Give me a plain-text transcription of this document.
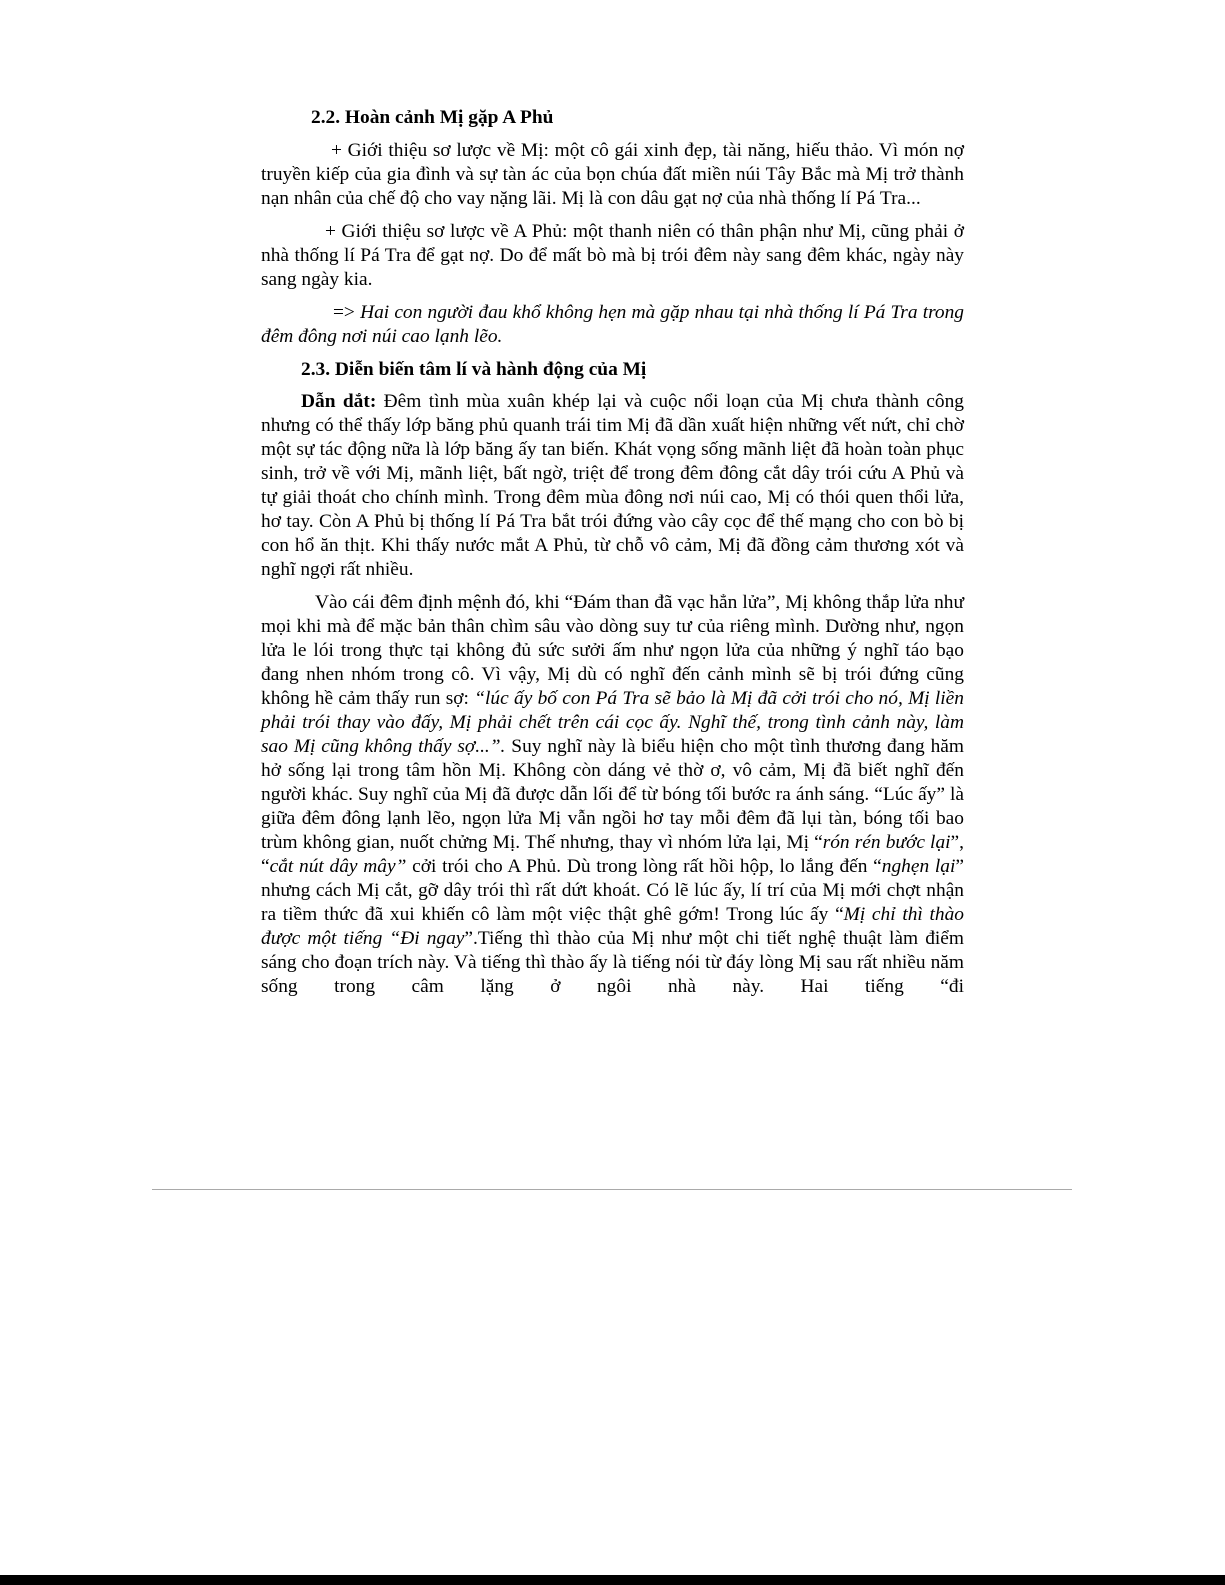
2.2. Hoàn cảnh Mị gặp A Phủ

+ Giới thiệu sơ lược về Mị: một cô gái xinh đẹp, tài năng, hiếu thảo. Vì món nợ truyền kiếp của gia đình và sự tàn ác của bọn chúa đất miền núi Tây Bắc mà Mị trở thành nạn nhân của chế độ cho vay nặng lãi. Mị là con dâu gạt nợ của nhà thống lí Pá Tra...

+ Giới thiệu sơ lược về A Phủ: một thanh niên có thân phận như Mị, cũng phải ở nhà thống lí Pá Tra để gạt nợ. Do để mất bò mà bị trói đêm này sang đêm khác, ngày này sang ngày kia.

=> Hai con người đau khổ không hẹn mà gặp nhau tại nhà thống lí Pá Tra trong đêm đông nơi núi cao lạnh lẽo.

2.3. Diễn biến tâm lí và hành động của Mị

Dẫn dắt: Đêm tình mùa xuân khép lại và cuộc nổi loạn của Mị chưa thành công nhưng có thể thấy lớp băng phủ quanh trái tim Mị đã dần xuất hiện những vết nứt, chỉ chờ một sự tác động nữa là lớp băng ấy tan biến. Khát vọng sống mãnh liệt đã hoàn toàn phục sinh, trở về với Mị, mãnh liệt, bất ngờ, triệt để trong đêm đông cắt dây trói cứu A Phủ và tự giải thoát cho chính mình. Trong đêm mùa đông nơi núi cao, Mị có thói quen thổi lửa, hơ tay. Còn A Phủ bị thống lí Pá Tra bắt trói đứng vào cây cọc để thế mạng cho con bò bị con hổ ăn thịt. Khi thấy nước mắt A Phủ, từ chỗ vô cảm, Mị đã đồng cảm thương xót và nghĩ ngợi rất nhiều.

Vào cái đêm định mệnh đó, khi “Đám than đã vạc hẳn lửa”, Mị không thắp lửa như mọi khi mà để mặc bản thân chìm sâu vào dòng suy tư của riêng mình. Dường như, ngọn lửa le lói trong thực tại không đủ sức sưởi ấm như ngọn lửa của những ý nghĩ táo bạo đang nhen nhóm trong cô. Vì vậy, Mị dù có nghĩ đến cảnh mình sẽ bị trói đứng cũng không hề cảm thấy run sợ: “lúc ấy bố con Pá Tra sẽ bảo là Mị đã cởi trói cho nó, Mị liền phải trói thay vào đấy, Mị phải chết trên cái cọc ấy. Nghĩ thế, trong tình cảnh này, làm sao Mị cũng không thấy sợ...”. Suy nghĩ này là biểu hiện cho một tình thương đang hăm hở sống lại trong tâm hồn Mị. Không còn dáng vẻ thờ ơ, vô cảm, Mị đã biết nghĩ đến người khác. Suy nghĩ của Mị đã được dẫn lối để từ bóng tối bước ra ánh sáng. “Lúc ấy” là giữa đêm đông lạnh lẽo, ngọn lửa Mị vẫn ngồi hơ tay mỗi đêm đã lụi tàn, bóng tối bao trùm không gian, nuốt chửng Mị. Thế nhưng, thay vì nhóm lửa lại, Mị “rón rén bước lại”, “cắt nút dây mây” cởi trói cho A Phủ. Dù trong lòng rất hồi hộp, lo lắng đến “nghẹn lại” nhưng cách Mị cắt, gỡ dây trói thì rất dứt khoát. Có lẽ lúc ấy, lí trí của Mị mới chợt nhận ra tiềm thức đã xui khiến cô làm một việc thật ghê gớm! Trong lúc ấy “Mị chỉ thì thào được một tiếng “Đi ngay”.Tiếng thì thào của Mị như một chi tiết nghệ thuật làm điểm sáng cho đoạn trích này. Và tiếng thì thào ấy là tiếng nói từ đáy lòng Mị sau rất nhiều năm sống trong câm lặng ở ngôi nhà này. Hai tiếng “đi
